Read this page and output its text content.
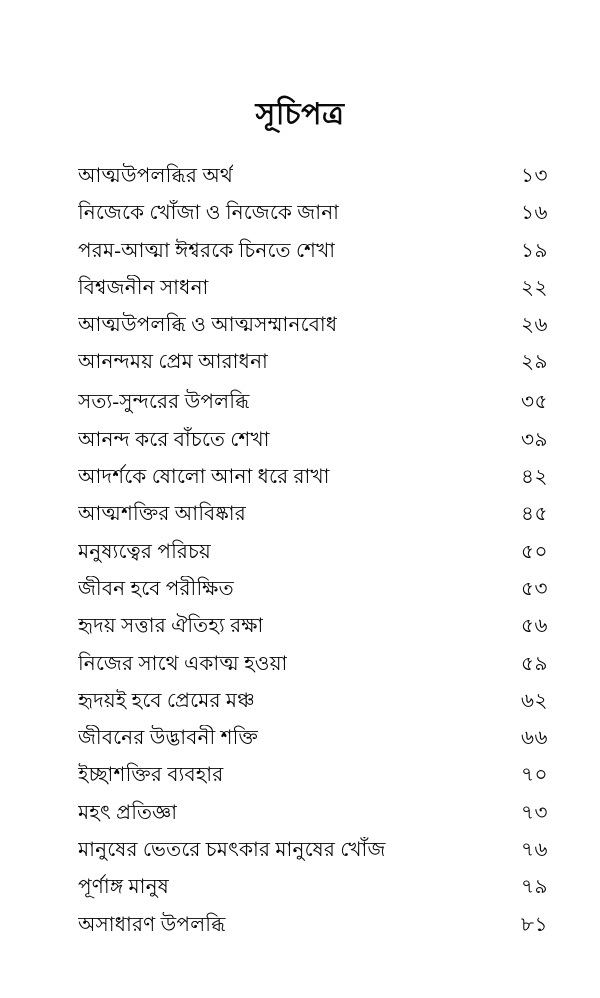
সূচিপত্র
আত্মউপলব্ধির অর্থ	১৩
নিজেকে খোঁজা ও নিজেকে জানা	১৬
পরম-আত্মা ঈশ্বরকে চিনতে শেখা	১৯
বিশ্বজনীন সাধনা	২২
আত্মউপলব্ধি ও আত্মসম্মানবোধ	২৬
আনন্দময় প্রেম আরাধনা	২৯
সত্য-সুন্দরের উপলব্ধি	৩৫
আনন্দ করে বাঁচতে শেখা	৩৯
আদর্শকে ষোলো আনা ধরে রাখা	৪২
আত্মশক্তির আবিষ্কার	৪৫
মনুষ্যত্বের পরিচয়	৫০
জীবন হবে পরীক্ষিত	৫৩
হৃদয় সত্তার ঐতিহ্য রক্ষা	৫৬
নিজের সাথে একাত্ম হওয়া	৫৯
হৃদয়ই হবে প্রেমের মঞ্চ	৬২
জীবনের উদ্ভাবনী শক্তি	৬৬
ইচ্ছাশক্তির ব্যবহার	৭০
মহৎ প্রতিজ্ঞা	৭৩
মানুষের ভেতরে চমৎকার মানুষের খোঁজ	৭৬
পূর্ণাঙ্গ মানুষ	৭৯
অসাধারণ উপলব্ধি	৮১
